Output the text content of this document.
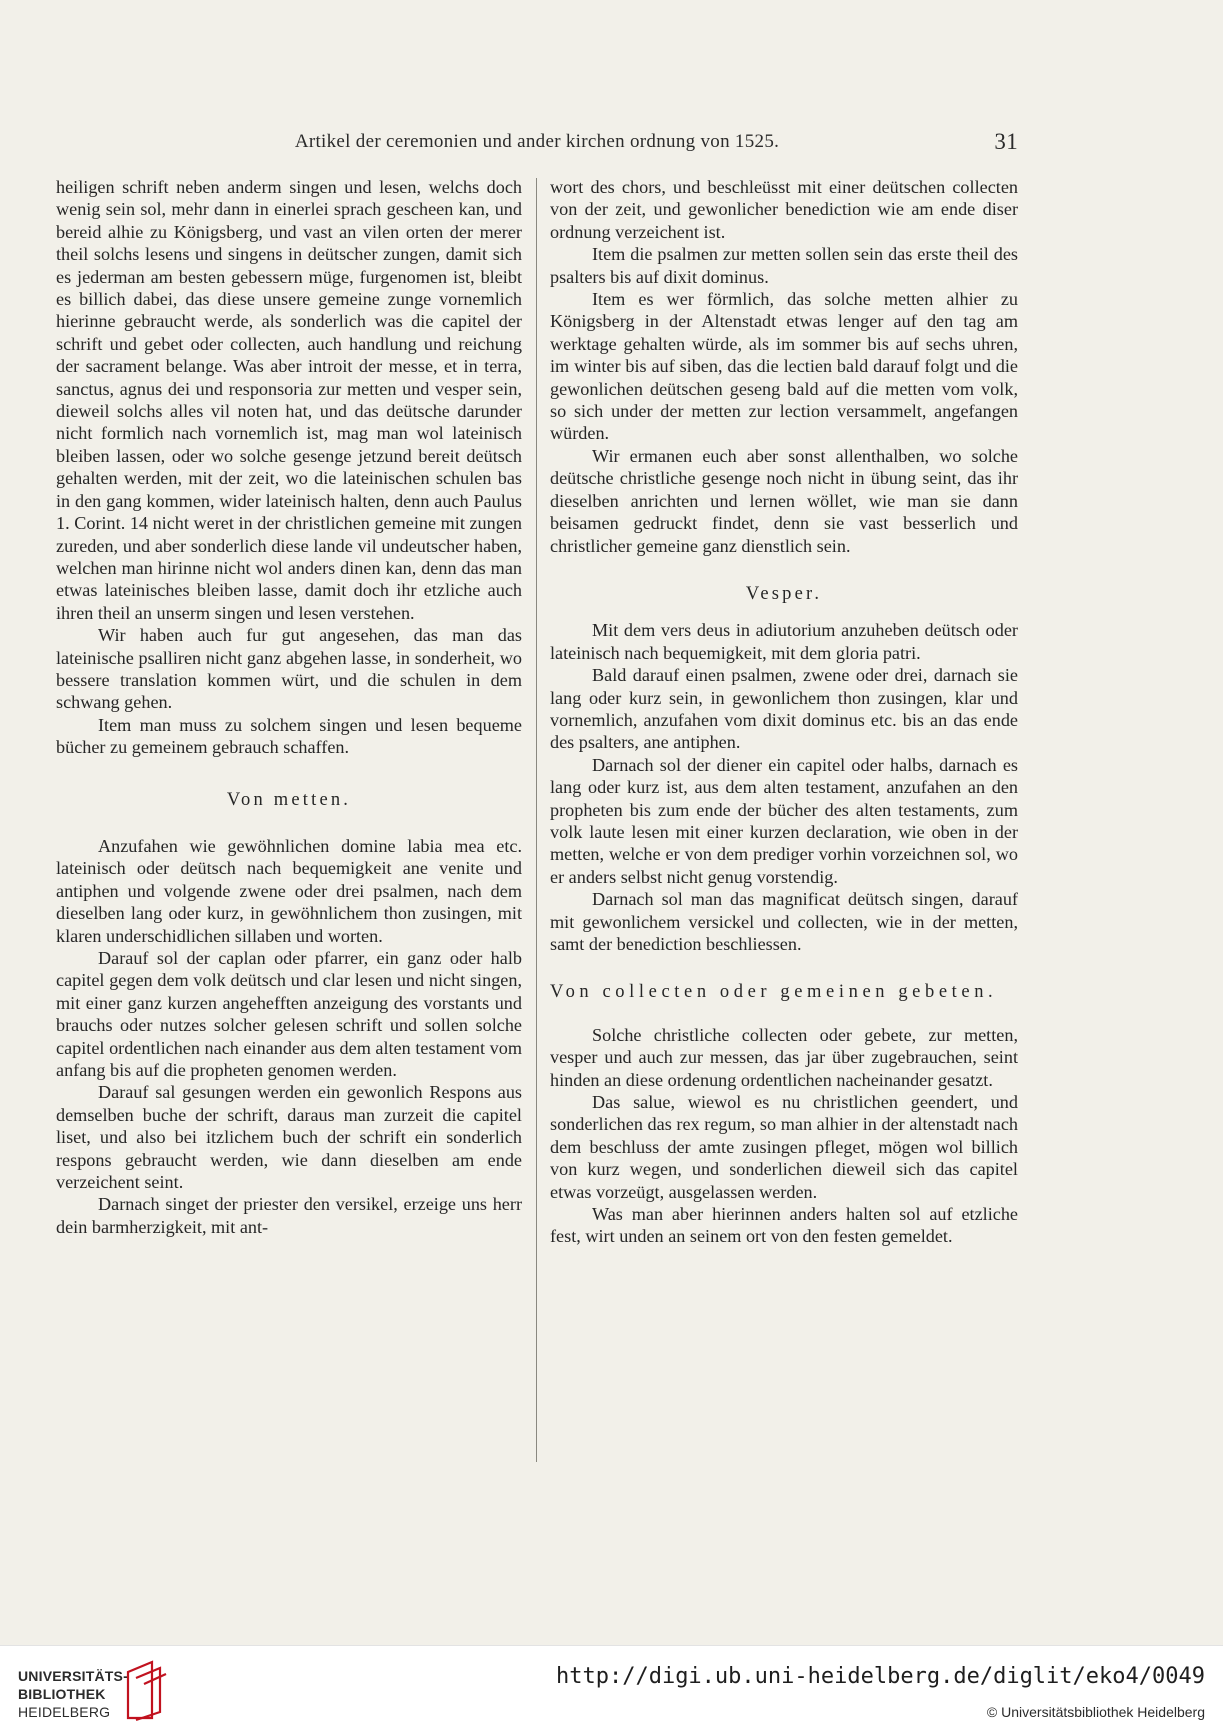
Artikel der ceremonien und ander kirchen ordnung von 1525.	31

heiligen schrift neben anderm singen und lesen, welchs doch wenig sein sol, mehr dann in einerlei sprach gescheen kan, und bereid alhie zu Königsberg, und vast an vilen orten der merer theil solchs lesens und singens in deütscher zungen, damit sich es jederman am besten gebessern müge, furgenomen ist, bleibt es billich dabei, das diese unsere gemeine zunge vornemlich hierinne gebraucht werde, als sonderlich was die capitel der schrift und gebet oder collecten, auch handlung und reichung der sacrament belange. Was aber introit der messe, et in terra, sanctus, agnus dei und responsoria zur metten und vesper sein, dieweil solchs alles vil noten hat, und das deütsche darunder nicht formlich nach vornemlich ist, mag man wol lateinisch bleiben lassen, oder wo solche gesenge jetzund bereit deütsch gehalten werden, mit der zeit, wo die lateinischen schulen bas in den gang kommen, wider lateinisch halten, denn auch Paulus 1. Corint. 14 nicht weret in der christlichen gemeine mit zungen zureden, und aber sonderlich diese lande vil undeutscher haben, welchen man hirinne nicht wol anders dinen kan, denn das man etwas lateinisches bleiben lasse, damit doch ihr etzliche auch ihren theil an unserm singen und lesen verstehen.

Wir haben auch fur gut angesehen, das man das lateinische psalliren nicht ganz abgehen lasse, in sonderheit, wo bessere translation kommen würt, und die schulen in dem schwang gehen.

Item man muss zu solchem singen und lesen bequeme bücher zu gemeinem gebrauch schaffen.

Von metten.

Anzufahen wie gewöhnlichen domine labia mea etc. lateinisch oder deütsch nach bequemigkeit ane venite und antiphen und volgende zwene oder drei psalmen, nach dem dieselben lang oder kurz, in gewöhnlichem thon zusingen, mit klaren underschidlichen sillaben und worten.

Darauf sol der caplan oder pfarrer, ein ganz oder halb capitel gegen dem volk deütsch und clar lesen und nicht singen, mit einer ganz kurzen angehefften anzeigung des vorstants und brauchs oder nutzes solcher gelesen schrift und sollen solche capitel ordentlichen nach einander aus dem alten testament vom anfang bis auf die propheten genomen werden.

Darauf sal gesungen werden ein gewonlich Respons aus demselben buche der schrift, daraus man zurzeit die capitel liset, und also bei itzlichem buch der schrift ein sonderlich respons gebraucht werden, wie dann dieselben am ende verzeichent seint.

Darnach singet der priester den versikel, erzeige uns herr dein barmherzigkeit, mit ant-

wort des chors, und beschleüsst mit einer deütschen collecten von der zeit, und gewonlicher benediction wie am ende diser ordnung verzeichent ist.

Item die psalmen zur metten sollen sein das erste theil des psalters bis auf dixit dominus.

Item es wer förmlich, das solche metten alhier zu Königsberg in der Altenstadt etwas lenger auf den tag am werktage gehalten würde, als im sommer bis auf sechs uhren, im winter bis auf siben, das die lectien bald darauf folgt und die gewonlichen deütschen geseng bald auf die metten vom volk, so sich under der metten zur lection versammelt, angefangen würden.

Wir ermanen euch aber sonst allenthalben, wo solche deütsche christliche gesenge noch nicht in übung seint, das ihr dieselben anrichten und lernen wöllet, wie man sie dann beisamen gedruckt findet, denn sie vast besserlich und christlicher gemeine ganz dienstlich sein.

Vesper.

Mit dem vers deus in adiutorium anzuheben deütsch oder lateinisch nach bequemigkeit, mit dem gloria patri.

Bald darauf einen psalmen, zwene oder drei, darnach sie lang oder kurz sein, in gewonlichem thon zusingen, klar und vornemlich, anzufahen vom dixit dominus etc. bis an das ende des psalters, ane antiphen.

Darnach sol der diener ein capitel oder halbs, darnach es lang oder kurz ist, aus dem alten testament, anzufahen an den propheten bis zum ende der bücher des alten testaments, zum volk laute lesen mit einer kurzen declaration, wie oben in der metten, welche er von dem prediger vorhin vorzeichnen sol, wo er anders selbst nicht genug vorstendig.

Darnach sol man das magnificat deütsch singen, darauf mit gewonlichem versickel und collecten, wie in der metten, samt der benediction beschliessen.

Von collecten oder gemeinen gebeten.

Solche christliche collecten oder gebete, zur metten, vesper und auch zur messen, das jar über zugebrauchen, seint hinden an diese ordenung ordentlichen nacheinander gesatzt.

Das salue, wiewol es nu christlichen geendert, und sonderlichen das rex regum, so man alhier in der altenstadt nach dem beschluss der amte zusingen pfleget, mögen wol billich von kurz wegen, und sonderlichen dieweil sich das capitel etwas vorzeügt, ausgelassen werden.

Was man aber hierinnen anders halten sol auf etzliche fest, wirt unden an seinem ort von den festen gemeldet.

UNIVERSITÄTS-
BIBLIOTHEK
HEIDELBERG
http://digi.ub.uni-heidelberg.de/diglit/eko4/0049
© Universitätsbibliothek Heidelberg
